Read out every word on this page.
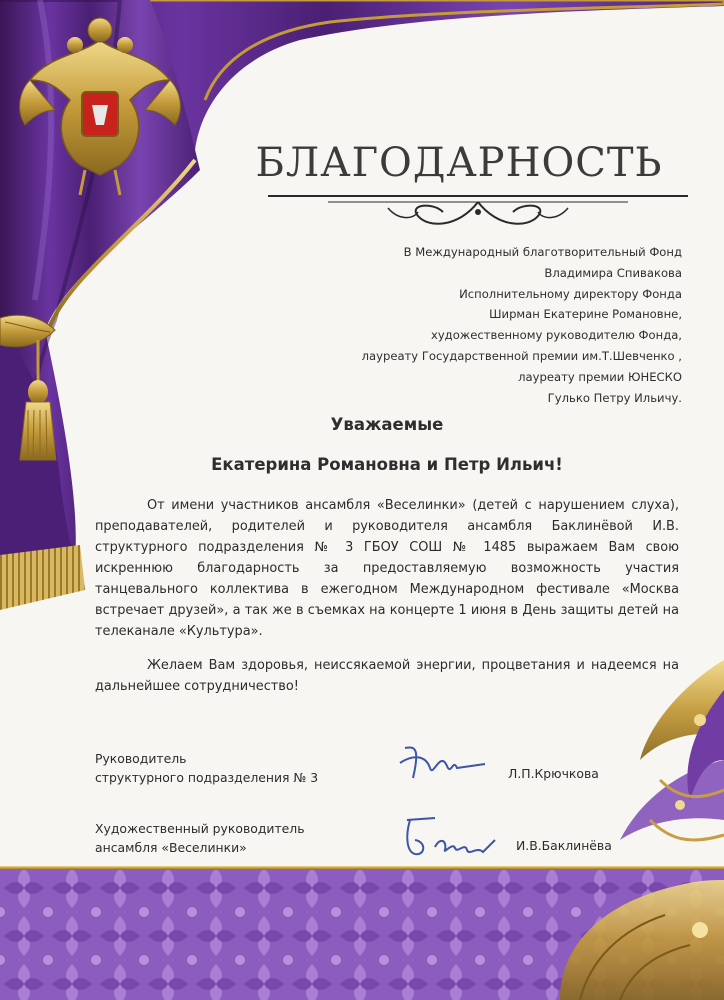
БЛАГОДАРНОСТЬ
В Международный благотворительный Фонд
Владимира Спивакова
Исполнительному директору Фонда
Ширман Екатерине Романовне,
художественному руководителю Фонда,
лауреату Государственной премии им.Т.Шевченко ,
лауреату премии ЮНЕСКО
Гулько Петру Ильичу.
Уважаемые
Екатерина Романовна и Петр Ильич!

От имени участников ансамбля «Веселинки» (детей с нарушением слуха), преподавателей, родителей и руководителя ансамбля Баклинёвой И.В. структурного подразделения № 3 ГБОУ СОШ № 1485 выражаем Вам свою искреннюю благодарность за предоставляемую возможность участия танцевального коллектива в ежегодном Международном фестивале «Москва встречает друзей», а так же в съемках на концерте 1 июня в День защиты детей на телеканале «Культура».

Желаем Вам здоровья, неиссякаемой энергии, процветания и надеемся на дальнейшее сотрудничество!

Руководитель
структурного подразделения № 3	Л.П.Крючкова
Художественный руководитель
ансамбля «Веселинки»	И.В.Баклинёва
